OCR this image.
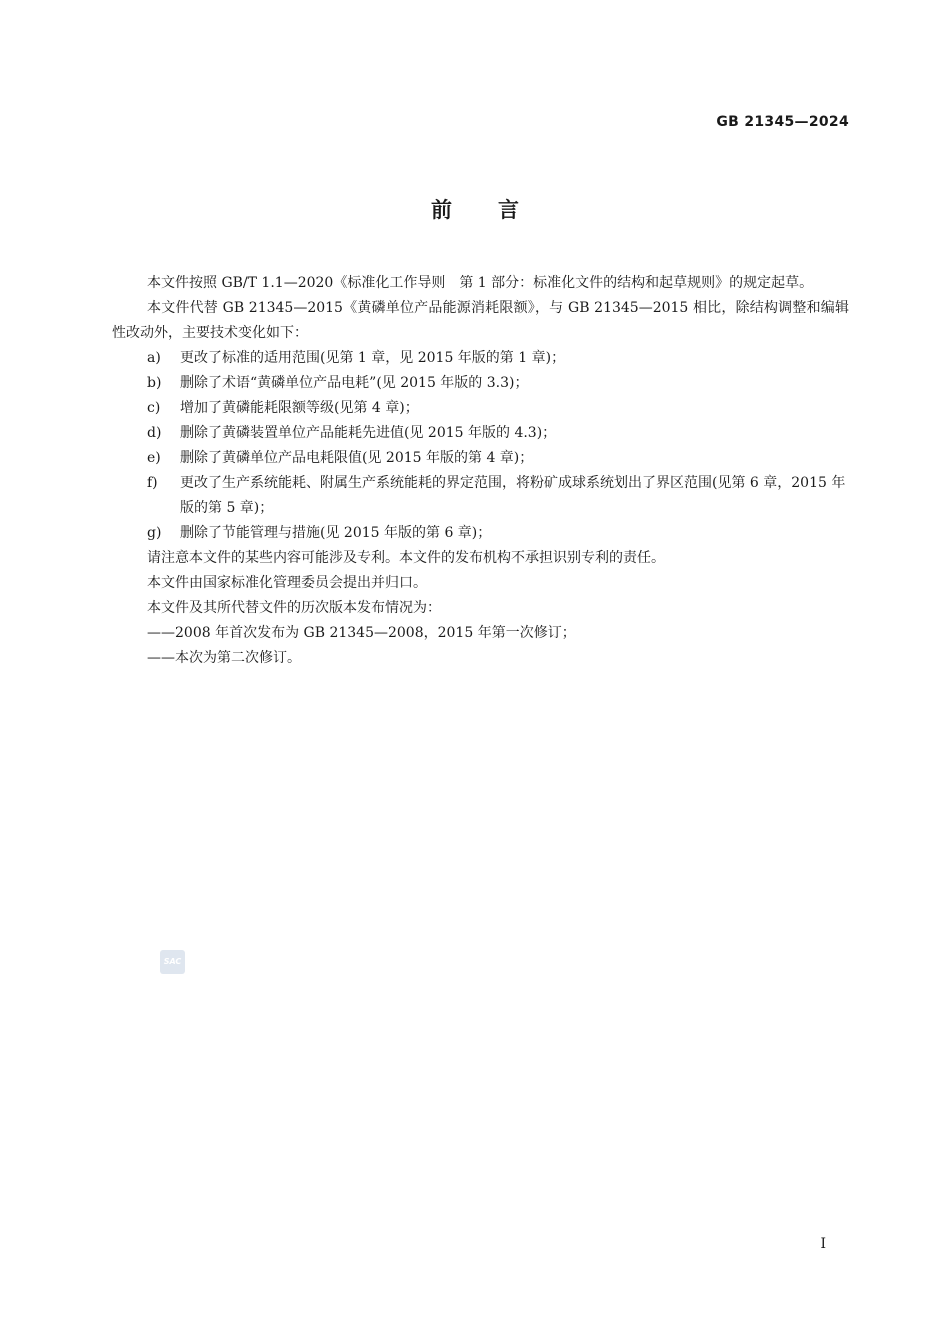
GB 21345—2024
前言

本文件按照 GB/T 1.1—2020《标准化工作导则　第 1 部分：标准化文件的结构和起草规则》的规定起草。

本文件代替 GB 21345—2015《黄磷单位产品能源消耗限额》，与 GB 21345—2015 相比，除结构调整和编辑性改动外，主要技术变化如下：

a) 更改了标准的适用范围(见第 1 章，见 2015 年版的第 1 章)；
b) 删除了术语“黄磷单位产品电耗”(见 2015 年版的 3.3)；
c) 增加了黄磷能耗限额等级(见第 4 章)；
d) 删除了黄磷装置单位产品能耗先进值(见 2015 年版的 4.3)；
e) 删除了黄磷单位产品电耗限值(见 2015 年版的第 4 章)；
f) 更改了生产系统能耗、附属生产系统能耗的界定范围，将粉矿成球系统划出了界区范围(见第 6 章，2015 年版的第 5 章)；
g) 删除了节能管理与措施(见 2015 年版的第 6 章)；

请注意本文件的某些内容可能涉及专利。本文件的发布机构不承担识别专利的责任。

本文件由国家标准化管理委员会提出并归口。

本文件及其所代替文件的历次版本发布情况为：

——2008 年首次发布为 GB 21345—2008，2015 年第一次修订；

——本次为第二次修订。

SAC
I
